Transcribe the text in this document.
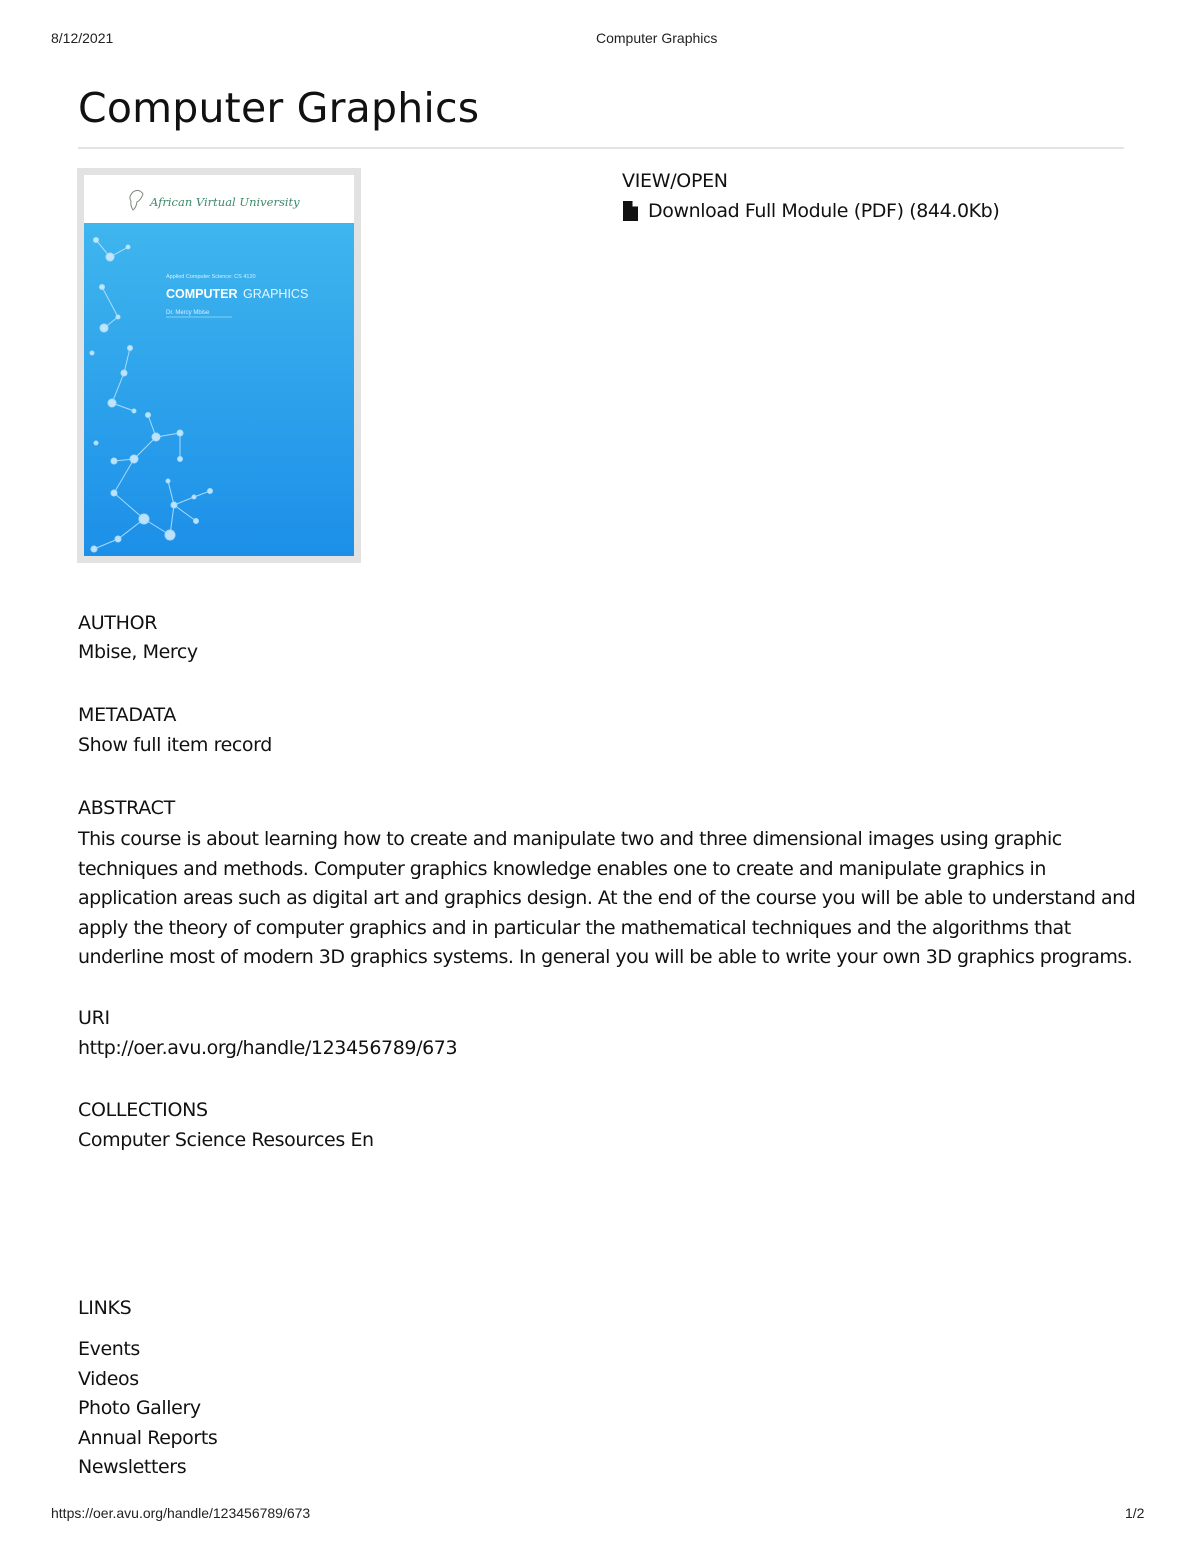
8/12/2021	Computer Graphics
Computer Graphics
African Virtual University
Applied Computer Science: CS 4120
COMPUTER GRAPHICS
Dr. Mercy Mbise
VIEW/OPEN
Download Full Module (PDF) (844.0Kb)
AUTHOR
Mbise, Mercy
METADATA
Show full item record
ABSTRACT

This course is about learning how to create and manipulate two and three dimensional images using graphic techniques and methods. Computer graphics knowledge enables one to create and manipulate graphics in application areas such as digital art and graphics design. At the end of the course you will be able to understand and apply the theory of computer graphics and in particular the mathematical techniques and the algorithms that underline most of modern 3D graphics systems. In general you will be able to write your own 3D graphics programs.

URI
http://oer.avu.org/handle/123456789/673
COLLECTIONS
Computer Science Resources En
LINKS
Events
Videos
Photo Gallery
Annual Reports
Newsletters
https://oer.avu.org/handle/123456789/673	1/2
